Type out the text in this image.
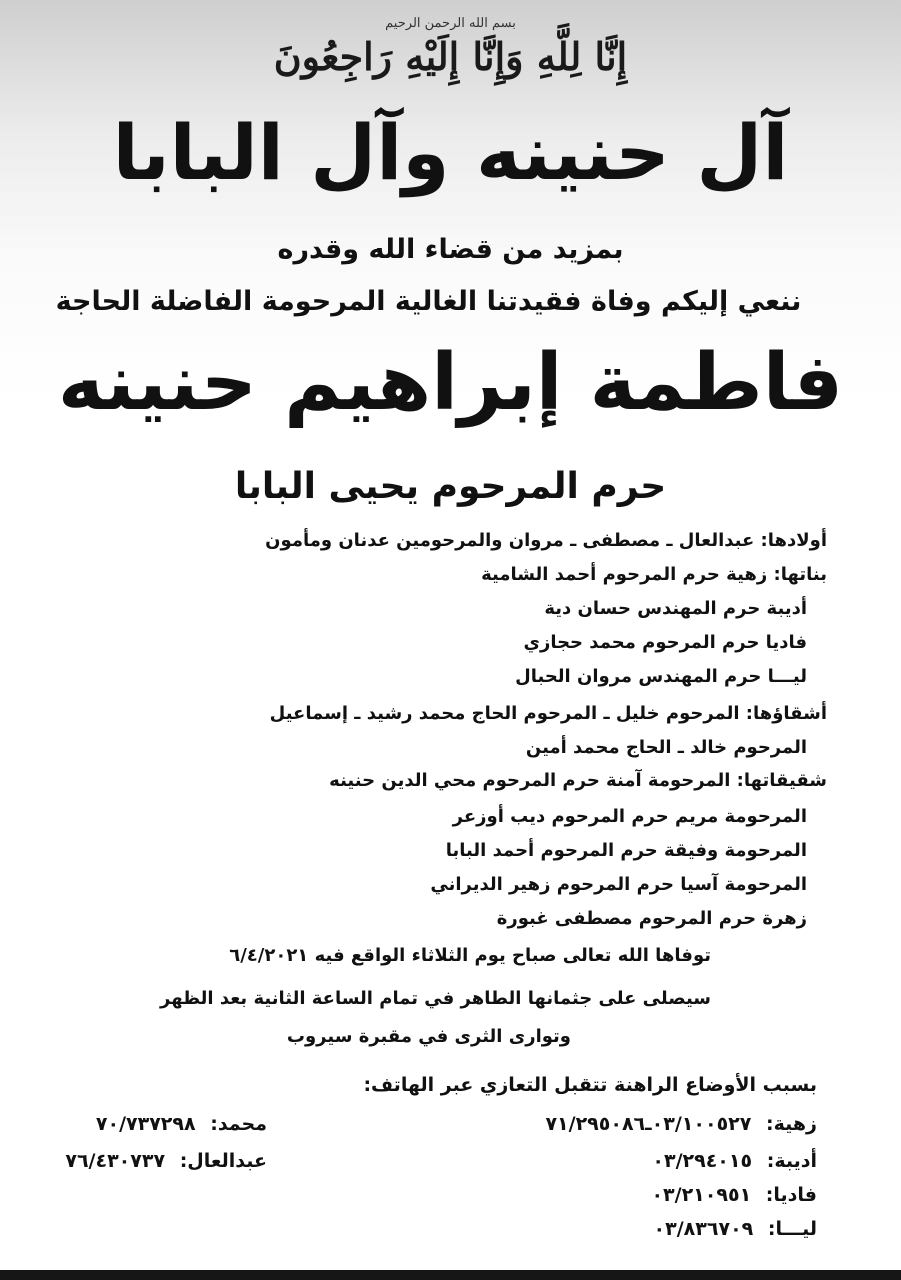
بسم الله الرحمن الرحيم
إِنَّا لِلَّهِ وَإِنَّا إِلَيْهِ رَاجِعُونَ
آل حنينه وآل البابا
بمزيد من قضاء الله وقدره
ننعي إليكم وفاة فقيدتنا الغالية المرحومة الفاضلة الحاجة
فاطمة إبراهيم حنينه
حرم المرحوم يحيى البابا
أولادها: عبدالعال ـ مصطفى ـ مروان والمرحومين عدنان ومأمون
بناتها: زهية حرم المرحوم أحمد الشامية
أديبة حرم المهندس حسان دية
فاديا حرم المرحوم محمد حجازي
ليـــا حرم المهندس مروان الحبال
أشقاؤها: المرحوم خليل ـ المرحوم الحاج محمد رشيد ـ إسماعيل
المرحوم خالد ـ الحاج محمد أمين
شقيقاتها: المرحومة آمنة حرم المرحوم محي الدين حنينه
المرحومة مريم حرم المرحوم ديب أوزعر
المرحومة وفيقة حرم المرحوم أحمد البابا
المرحومة آسيا حرم المرحوم زهير الديراني
زهرة حرم المرحوم مصطفى غبورة
توفاها الله تعالى صباح يوم الثلاثاء الواقع فيه ٦/٤/٢٠٢١
سيصلى على جثمانها الطاهر في تمام الساعة الثانية بعد الظهر
وتوارى الثرى في مقبرة سيروب
بسبب الأوضاع الراهنة تتقبل التعازي عبر الهاتف:
زهية: ٠٣/١٠٠٥٢٧ـ٧١/٢٩٥٠٨٦
أديبة: ٠٣/٢٩٤٠١٥
فاديا: ٠٣/٢١٠٩٥١
ليـــا: ٠٣/٨٣٦٧٠٩
محمد: ٧٠/٧٣٧٢٩٨
عبدالعال: ٧٦/٤٣٠٧٣٧
